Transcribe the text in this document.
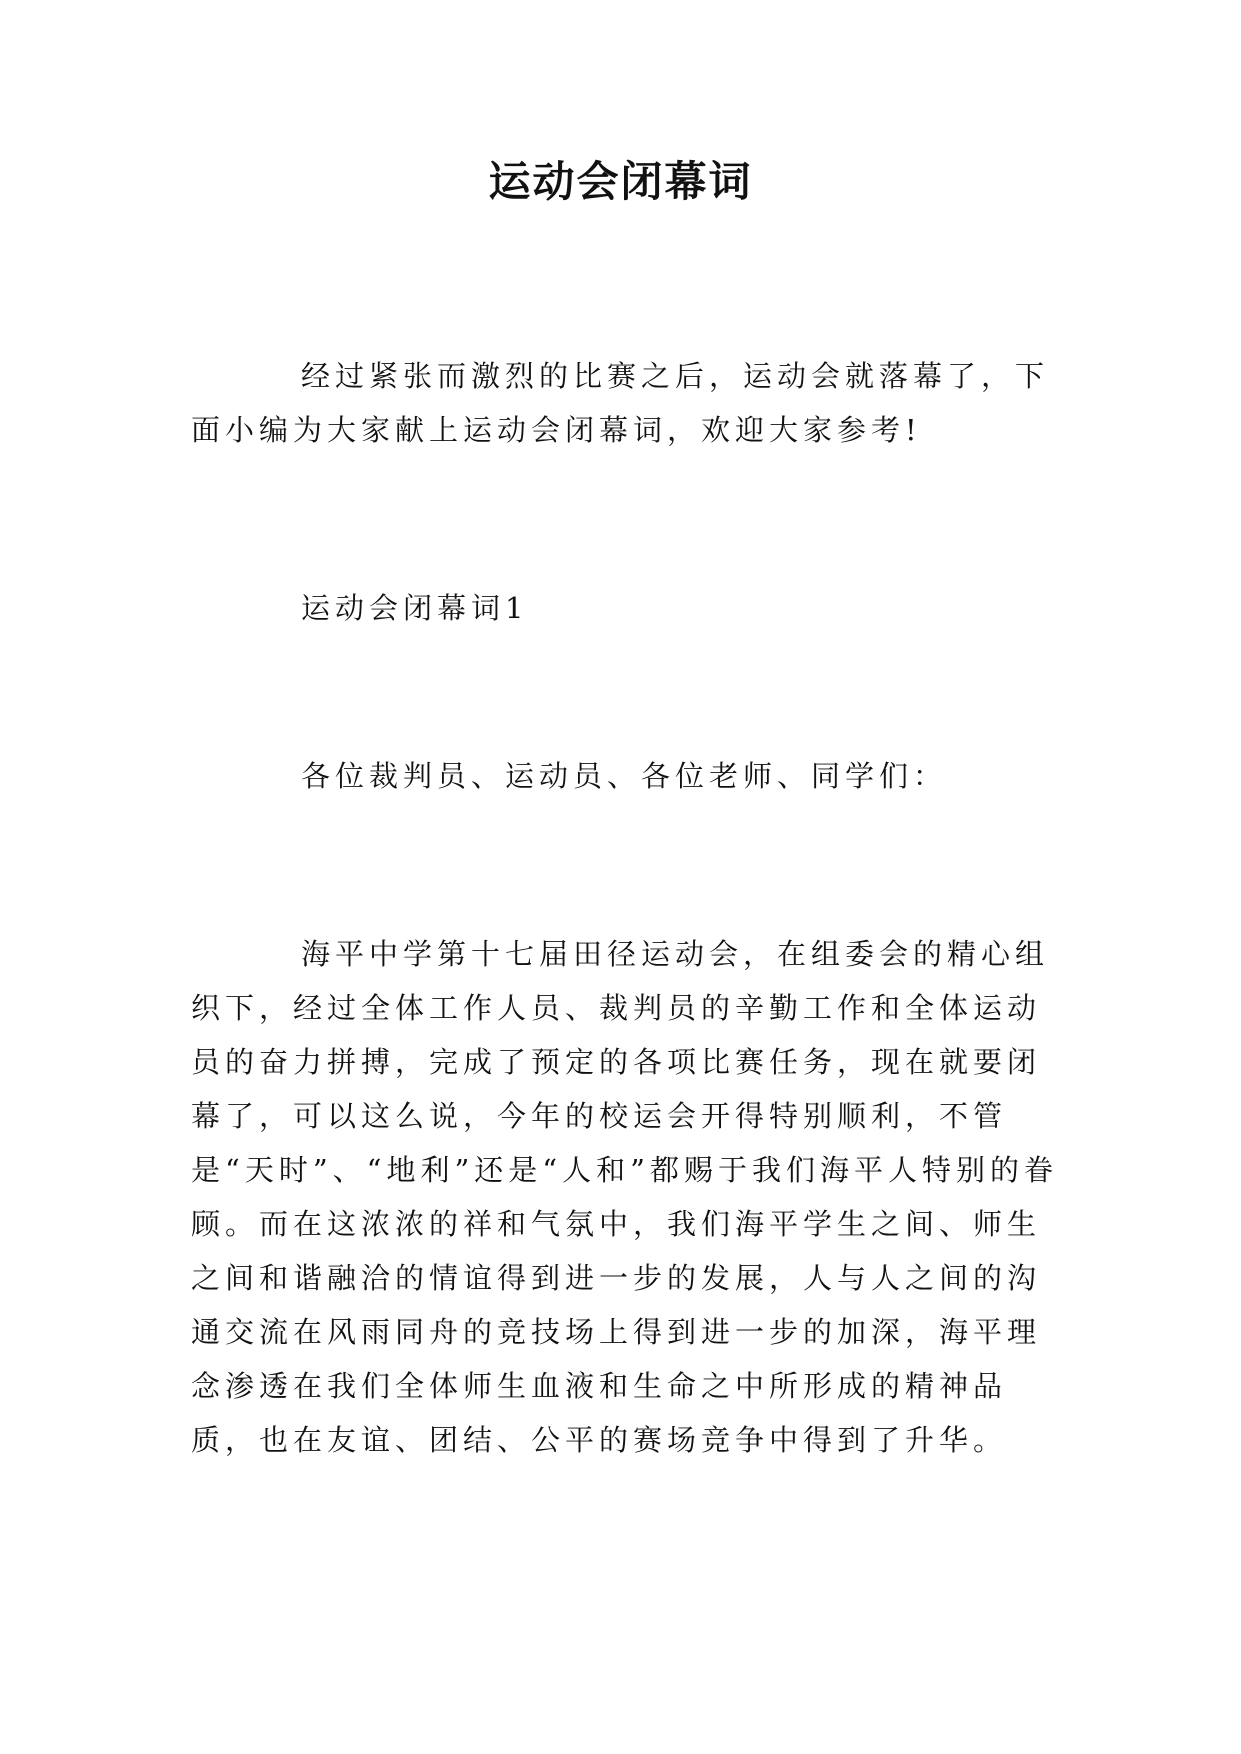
运动会闭幕词

经过紧张而激烈的比赛之后，运动会就落幕了，下面小编为大家献上运动会闭幕词，欢迎大家参考!

运动会闭幕词1

各位裁判员、运动员、各位老师、同学们：

海平中学第十七届田径运动会，在组委会的精心组织下，经过全体工作人员、裁判员的辛勤工作和全体运动员的奋力拼搏，完成了预定的各项比赛任务，现在就要闭幕了，可以这么说，今年的校运会开得特别顺利，不管是“天时”、“地利”还是“人和”都赐于我们海平人特别的眷顾。而在这浓浓的祥和气氛中，我们海平学生之间、师生之间和谐融洽的情谊得到进一步的发展，人与人之间的沟通交流在风雨同舟的竞技场上得到进一步的加深，海平理念渗透在我们全体师生血液和生命之中所形成的精神品质，也在友谊、团结、公平的赛场竞争中得到了升华。
